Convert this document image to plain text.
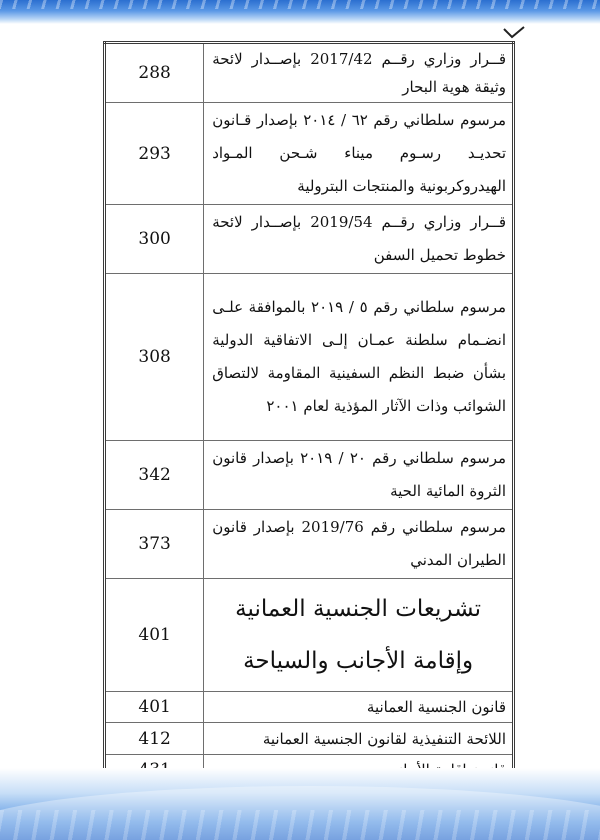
288	قــرار وزاري رقــم 2017/42 بإصــدار لائحة وثيقة هوية البحار
293	مرسوم سلطاني رقم ٦٢ / ٢٠١٤ بإصدار قـانون تحديـد رسـوم ميناء شـحن المـواد الهيدروكربونية والمنتجات البترولية
300	قــرار وزاري رقــم 2019/54 بإصــدار لائحة خطوط تحميل السفن
308	مرسوم سلطاني رقم ٥ / ٢٠١٩ بالموافقة علـى انضـمام سلطنة عمـان إلـى الاتفاقية الدولية بشأن ضبط النظم السفينية المقاومة لالتصاق الشوائب وذات الآثار المؤذية لعام ٢٠٠١
342	مرسوم سلطاني رقم ٢٠ / ٢٠١٩ بإصدار قانون الثروة المائية الحية
373	مرسوم سلطاني رقم 2019/76 بإصدار قانون الطيران المدني
401	تشريعات الجنسية العمانية وإقامة الأجانب والسياحة
401	قانون الجنسية العمانية
412	اللائحة التنفيذية لقانون الجنسية العمانية
